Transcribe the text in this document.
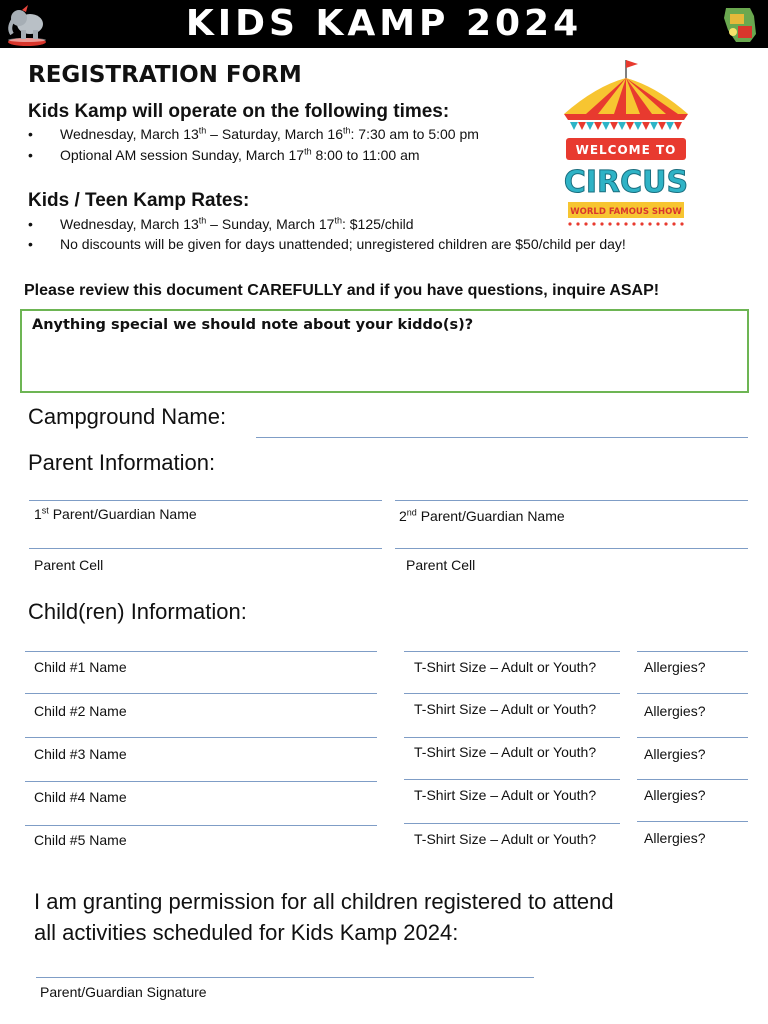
KIDS KAMP 2024
REGISTRATION FORM
Kids Kamp will operate on the following times:
• Wednesday, March 13th – Saturday, March 16th: 7:30 am to 5:00 pm
• Optional AM session Sunday, March 17th 8:00 to 11:00 am
Kids / Teen Kamp Rates:
• Wednesday, March 13th – Sunday, March 17th: $125/child
• No discounts will be given for days unattended; unregistered children are $50/child per day!
WELCOME TO
CIRCUS
WORLD FAMOUS SHOW
Please review this document CAREFULLY and if you have questions, inquire ASAP!
Anything special we should note about your kiddo(s)?
Campground Name:
Parent Information:
1st Parent/Guardian Name	2nd Parent/Guardian Name
Parent Cell	Parent Cell
Child(ren) Information:
Child #1 Name	T-Shirt Size – Adult or Youth?	Allergies?
Child #2 Name	T-Shirt Size – Adult or Youth?	Allergies?
Child #3 Name	T-Shirt Size – Adult or Youth?	Allergies?
Child #4 Name	T-Shirt Size – Adult or Youth?	Allergies?
Child #5 Name	T-Shirt Size – Adult or Youth?	Allergies?
I am granting permission for all children registered to attend
all activities scheduled for Kids Kamp 2024:
Parent/Guardian Signature
